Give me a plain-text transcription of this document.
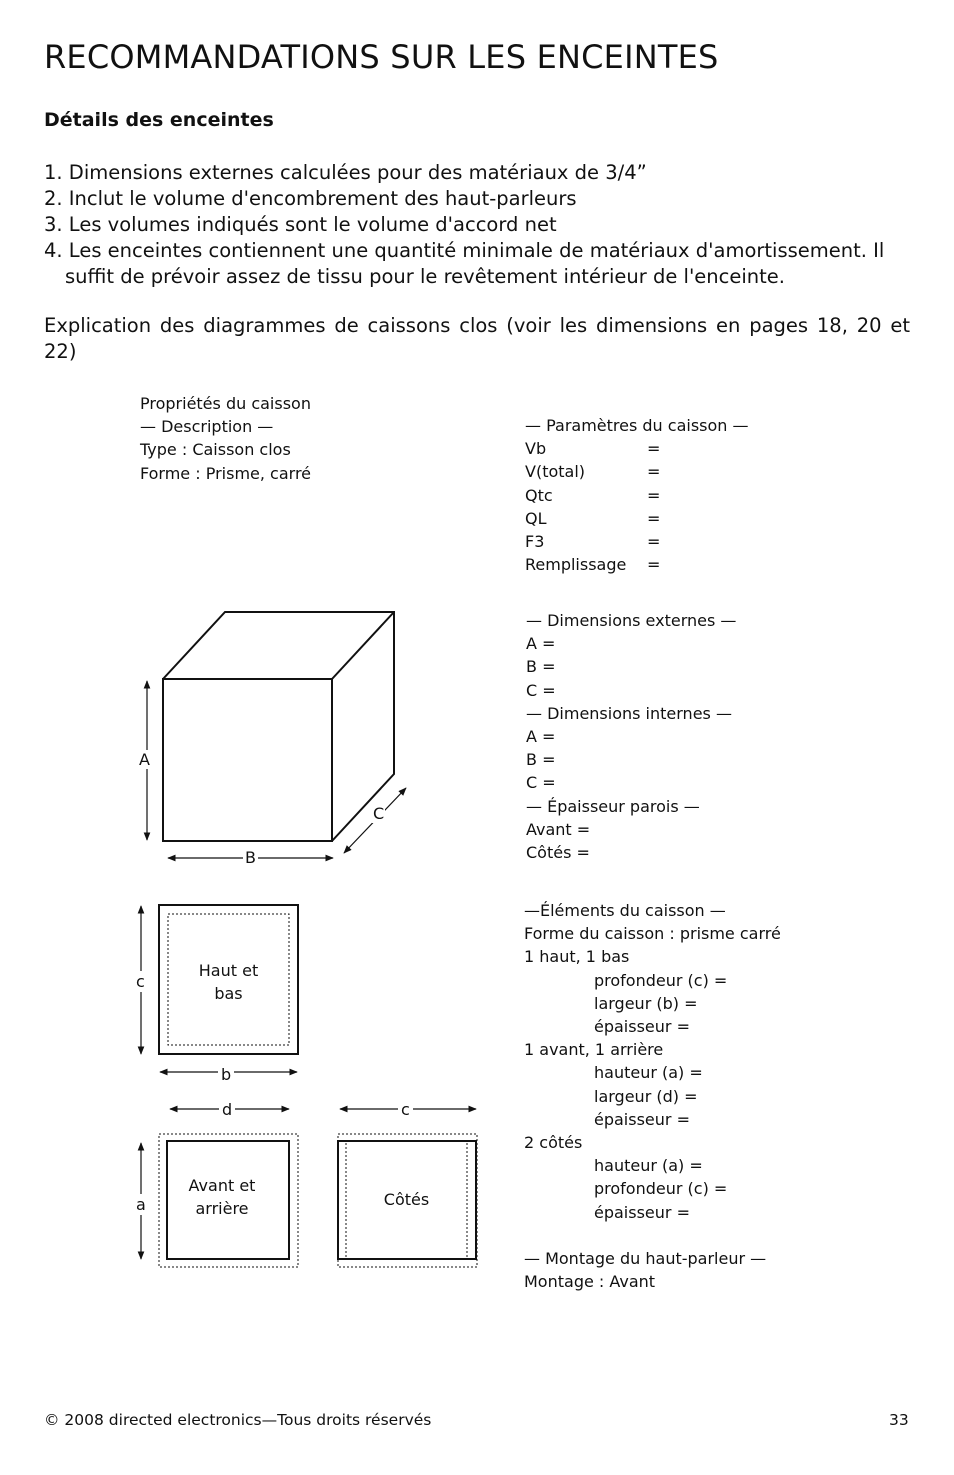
RECOMMANDATIONS SUR LES ENCEINTES
Détails des enceintes
1. Dimensions externes calculées pour des matériaux de 3/4”
2. Inclut le volume d'encombrement des haut-parleurs
3. Les volumes indiqués sont le volume d'accord net
4. Les enceintes contiennent une quantité minimale de matériaux d'amortissement. Il suffit de prévoir assez de tissu pour le revêtement intérieur de l'enceinte.
Explication des diagrammes de caissons clos (voir les dimensions en pages 18, 20 et 22)
Propriétés du caisson
— Description —
Type : Caisson clos
Forme : Prisme, carré
— Paramètres du caisson —
Vb	=
V(total)	=
Qtc	=
QL	=
F3	=
Remplissage	=
— Dimensions externes —
A =
B =
C =
— Dimensions internes —
A =
B =
C =
— Épaisseur parois —
Avant =
Côtés =
—Éléments du caisson —
Forme du caisson : prisme carré
1 haut, 1 bas
profondeur (c) =
largeur (b) =
épaisseur =
1 avant, 1 arrière
hauteur (a) =
largeur (d) =
épaisseur =
2 côtés
hauteur (a) =
profondeur (c) =
épaisseur =
— Montage du haut-parleur —
Montage : Avant
A
B
C
Haut et
bas
c
b
d
a
Avant et
arrière
c
Côtés
© 2008 directed electronics—Tous droits réservés	33
